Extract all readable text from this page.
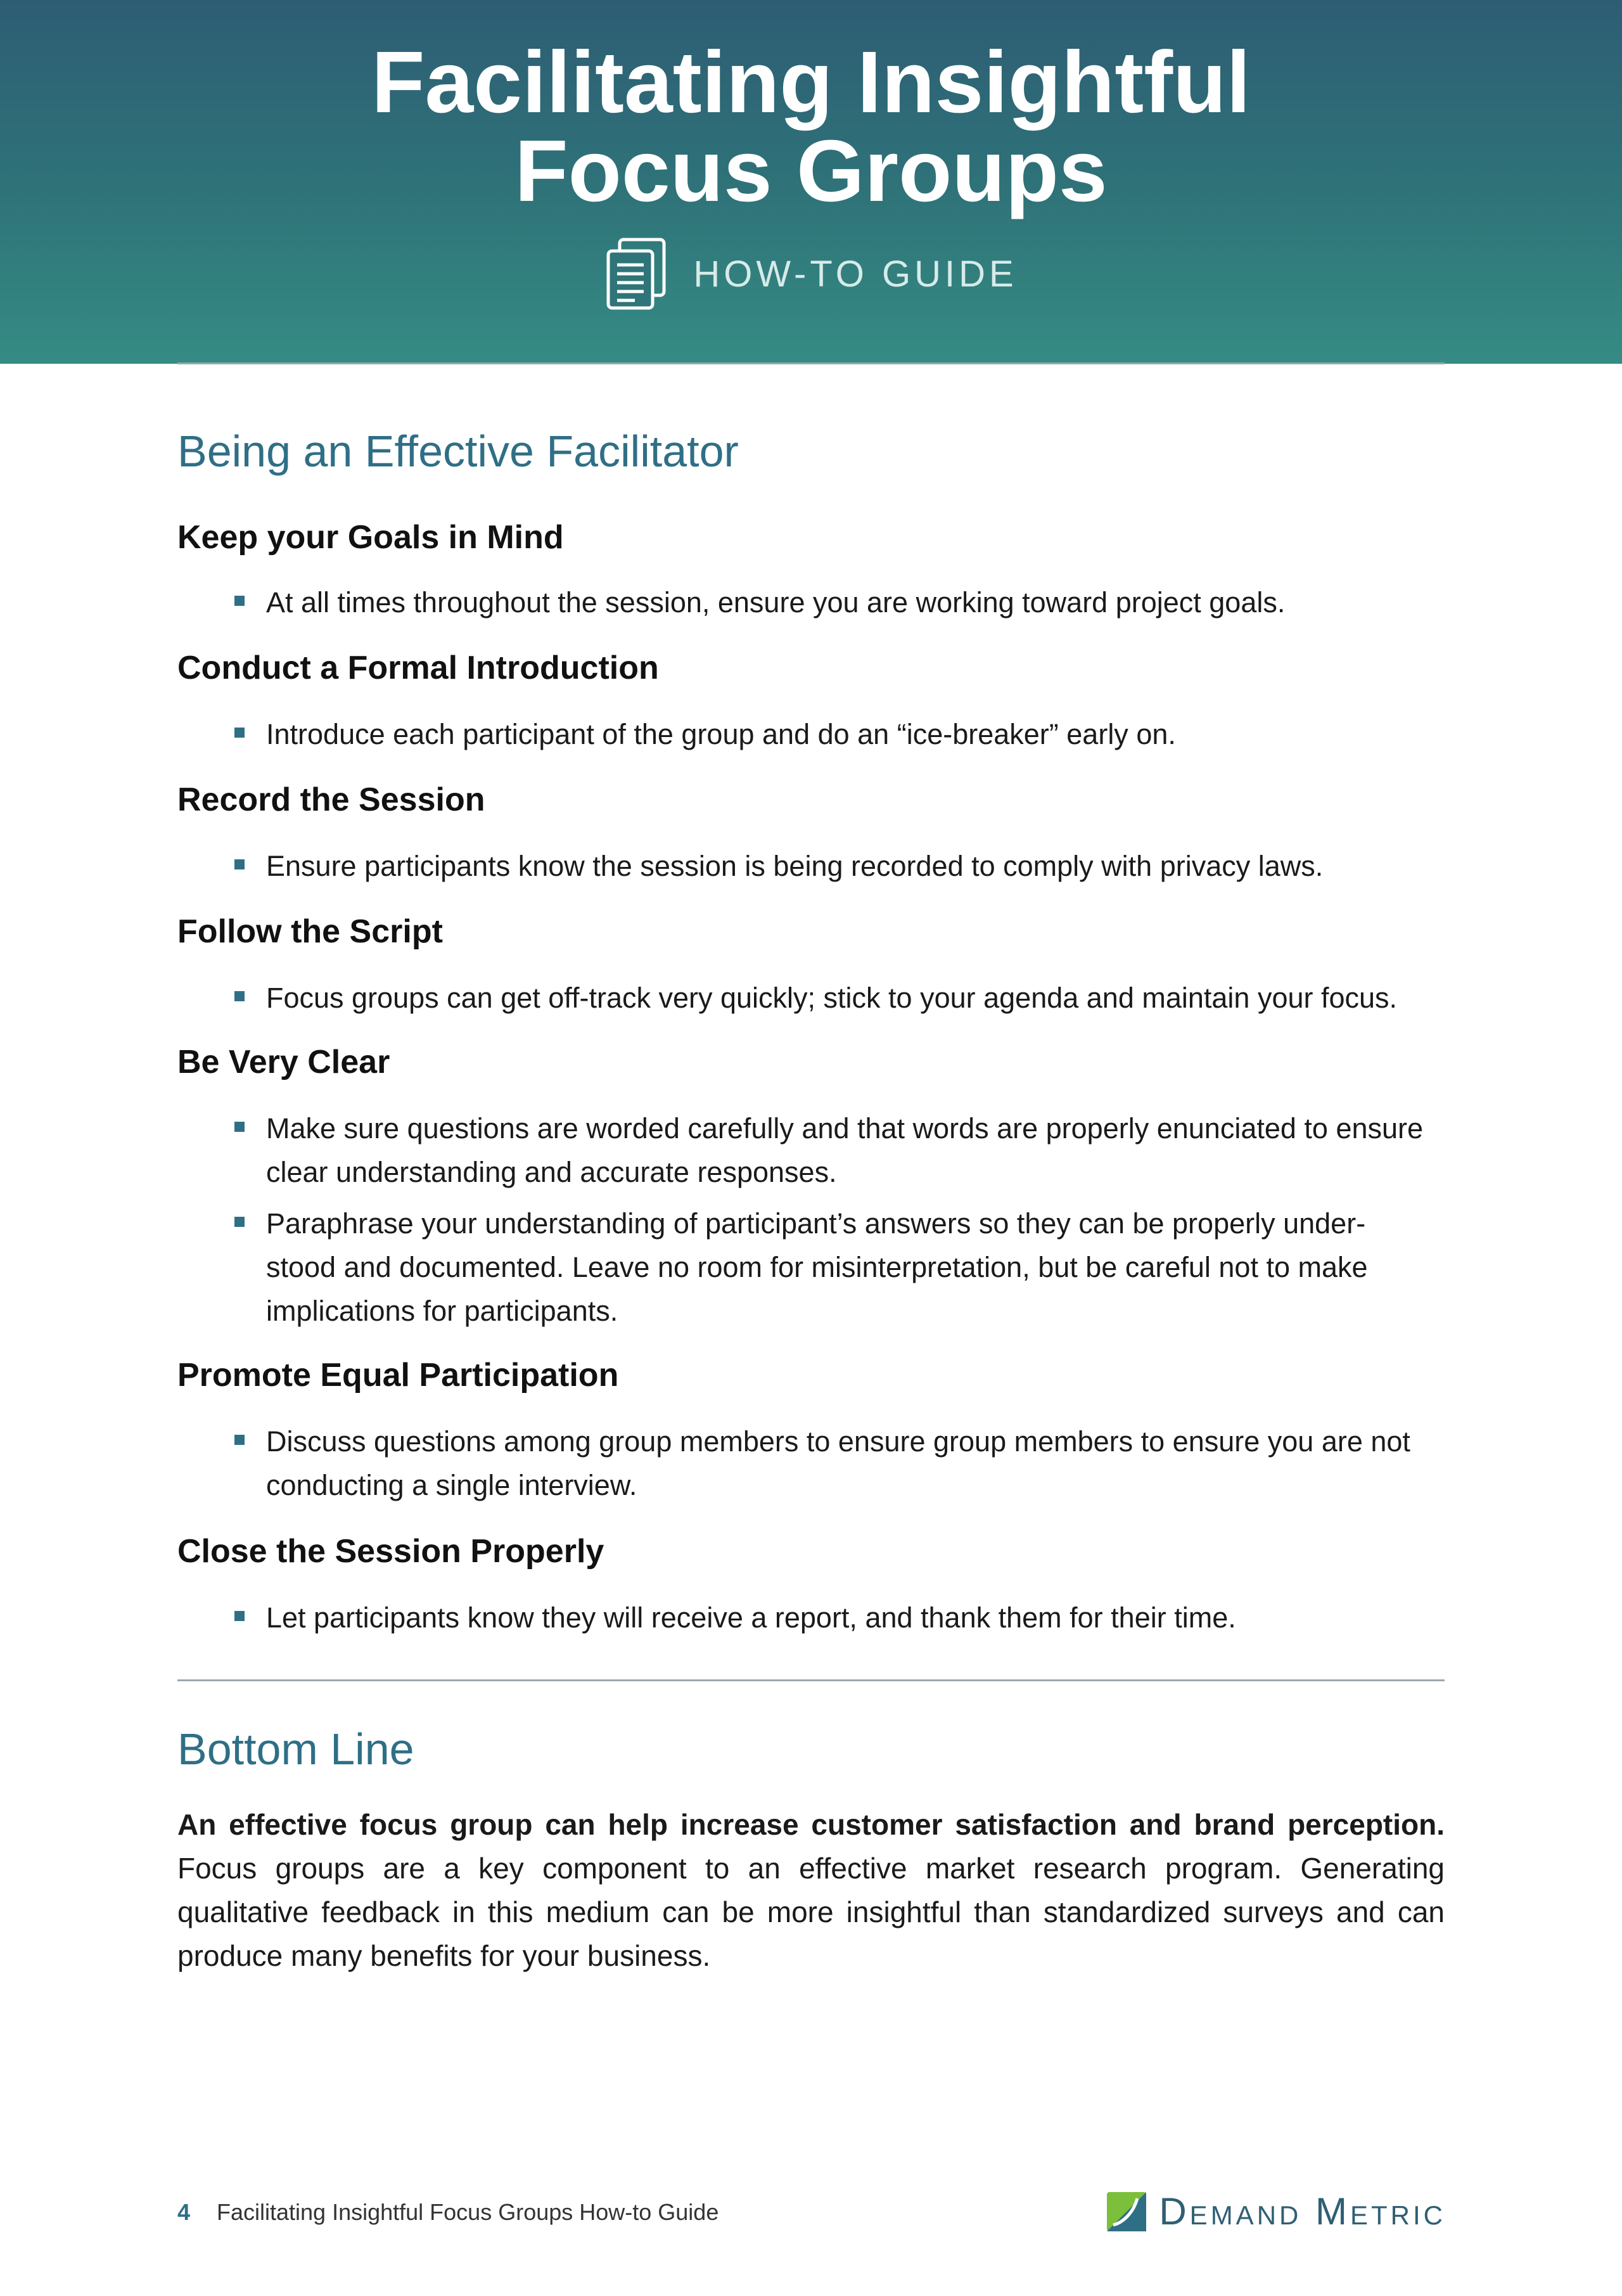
Facilitating Insightful
Focus Groups
HOW-TO GUIDE
Being an Effective Facilitator
Keep your Goals in Mind
At all times throughout the session, ensure you are working toward project goals.
Conduct a Formal Introduction
Introduce each participant of the group and do an “ice-breaker” early on.
Record the Session
Ensure participants know the session is being recorded to comply with privacy laws.
Follow the Script
Focus groups can get off-track very quickly; stick to your agenda and maintain your focus.
Be Very Clear
Make sure questions are worded carefully and that words are properly enunciated to ensure clear understanding and accurate responses.
Paraphrase your understanding of participant’s answers so they can be properly under- stood and documented. Leave no room for misinterpretation, but be careful not to make implications for participants.
Promote Equal Participation
Discuss questions among group members to ensure group members to ensure you are not conducting a single interview.
Close the Session Properly
Let participants know they will receive a report, and thank them for their time.
Bottom Line
An effective focus group can help increase customer satisfaction and brand perception. Focus groups are a key component to an effective market research program. Generating qualitative feedback in this medium can be more insightful than standardized surveys and can produce many benefits for your business.
4 Facilitating Insightful Focus Groups How-to Guide	Demand Metric
